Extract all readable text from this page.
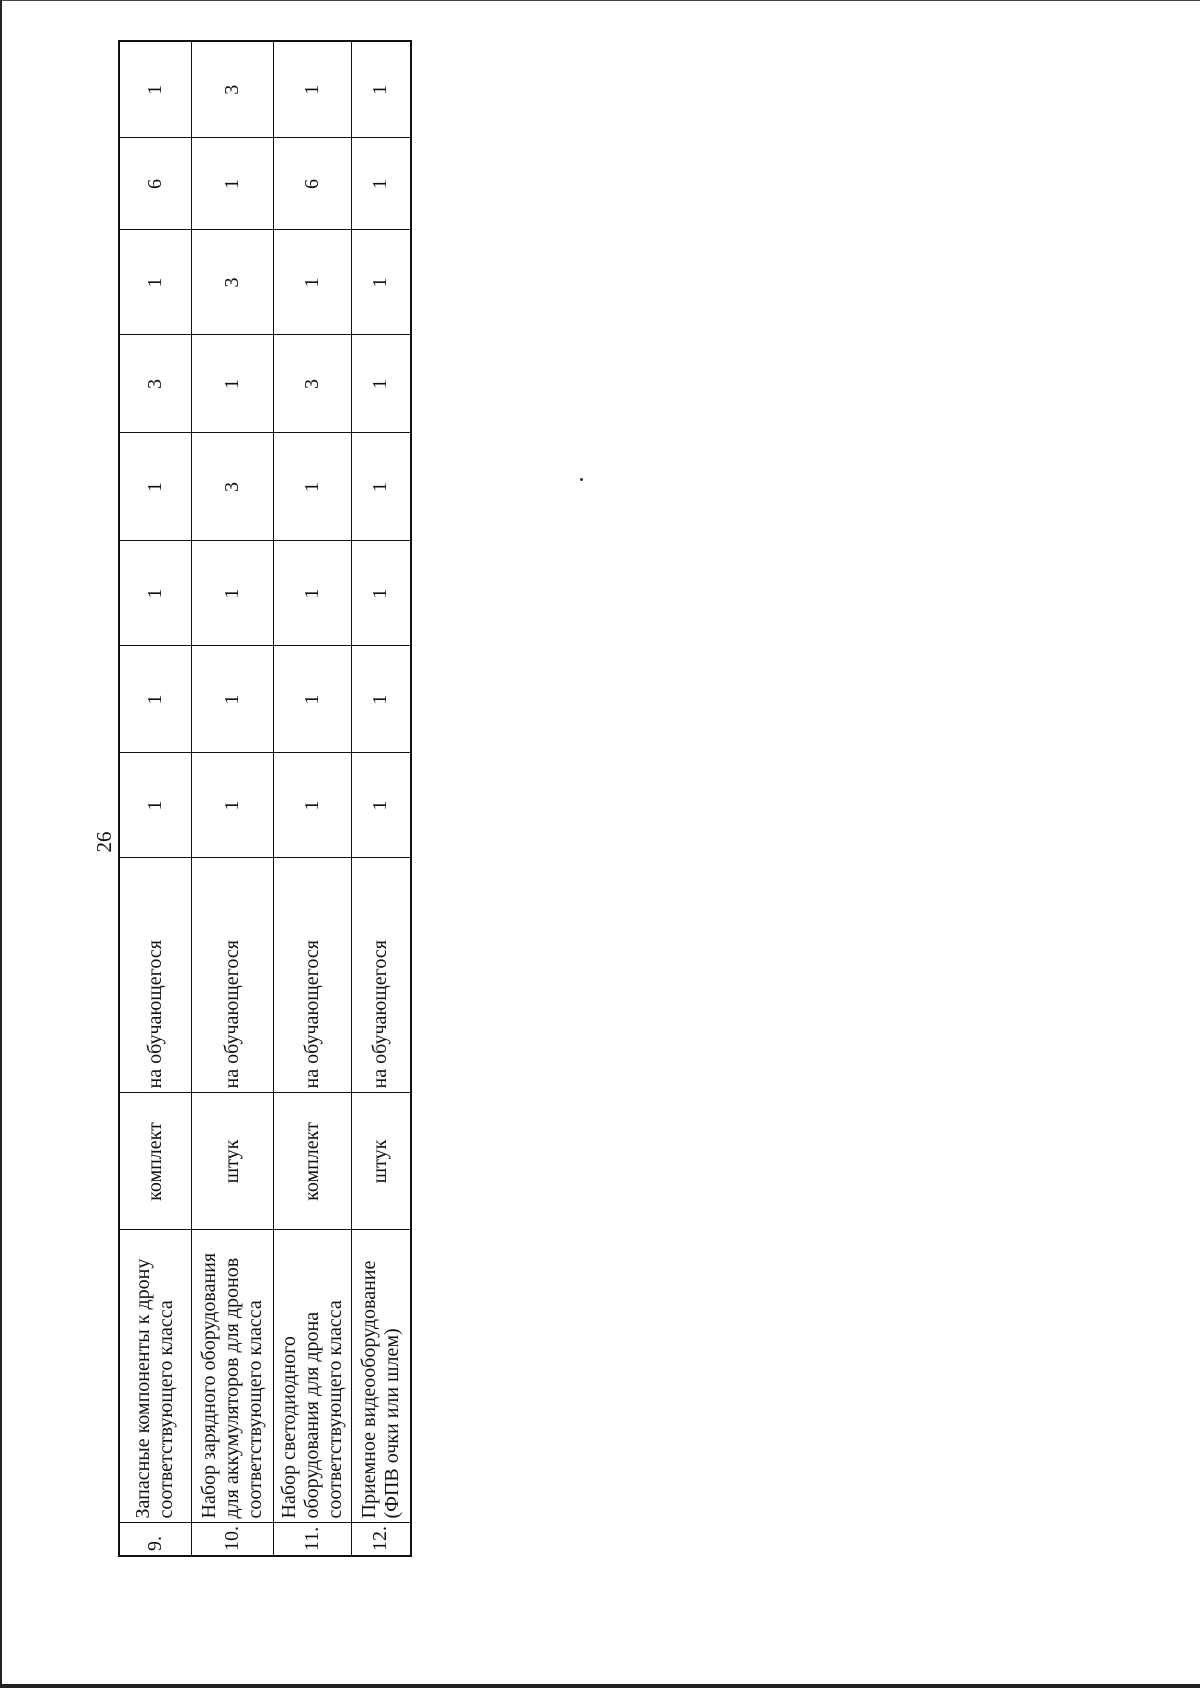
26
9.	Запасные компоненты к дрону соответствующего класса	комплект	на обучающегося	1	1	1	1	3	1	6	1
10.	Набор зарядного оборудования для аккумуляторов для дронов соответствующего класса	штук	на обучающегося	1	1	1	3	1	3	1	3
11.	Набор светодиодного оборудования для дрона соответствующего класса	комплект	на обучающегося	1	1	1	1	3	1	6	1
12.	Приемное видеооборудование (ФПВ очки или шлем)	штук	на обучающегося	1	1	1	1	1	1	1	1
